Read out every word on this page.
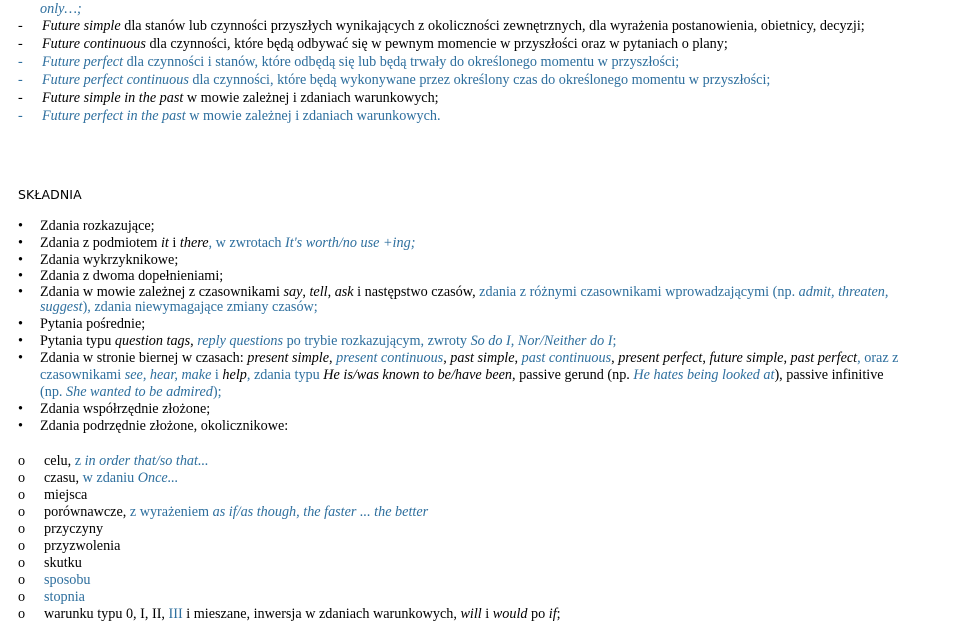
only…;
-Future simple dla stanów lub czynności przyszłych wynikających z okoliczności zewnętrznych, dla wyrażenia postanowienia, obietnicy, decyzji;
-Future continuous dla czynności, które będą odbywać się w pewnym momencie w przyszłości oraz w pytaniach o plany;
-Future perfect dla czynności i stanów, które odbędą się lub będą trwały do określonego momentu w przyszłości;
-Future perfect continuous dla czynności, które będą wykonywane przez określony czas do określonego momentu w przyszłości;
-Future simple in the past w mowie zależnej i zdaniach warunkowych;
-Future perfect in the past w mowie zależnej i zdaniach warunkowych.
SKŁADNIA
• Zdania rozkazujące;
• Zdania z podmiotem it i there, w zwrotach It's worth/no use +ing;
• Zdania wykrzyknikowe;
• Zdania z dwoma dopełnieniami;
• Zdania w mowie zależnej z czasownikami say, tell, ask i następstwo czasów, zdania z różnymi czasownikami wprowadzającymi (np. admit, threaten,
suggest), zdania niewymagające zmiany czasów;
• Pytania pośrednie;
• Pytania typu question tags, reply questions po trybie rozkazującym, zwroty So do I, Nor/Neither do I;
• Zdania w stronie biernej w czasach: present simple, present continuous, past simple, past continuous, present perfect, future simple, past perfect, oraz z
czasownikami see, hear, make i help, zdania typu He is/was known to be/have been, passive gerund (np. He hates being looked at), passive infinitive
(np. She wanted to be admired);
• Zdania współrzędnie złożone;
• Zdania podrzędnie złożone, okolicznikowe:
o celu, z in order that/so that...
o czasu, w zdaniu Once...
o miejsca
o porównawcze, z wyrażeniem as if/as though, the faster ... the better
o przyczyny
o przyzwolenia
o skutku
o sposobu
o stopnia
o warunku typu 0, I, II, III i mieszane, inwersja w zdaniach warunkowych, will i would po if;
